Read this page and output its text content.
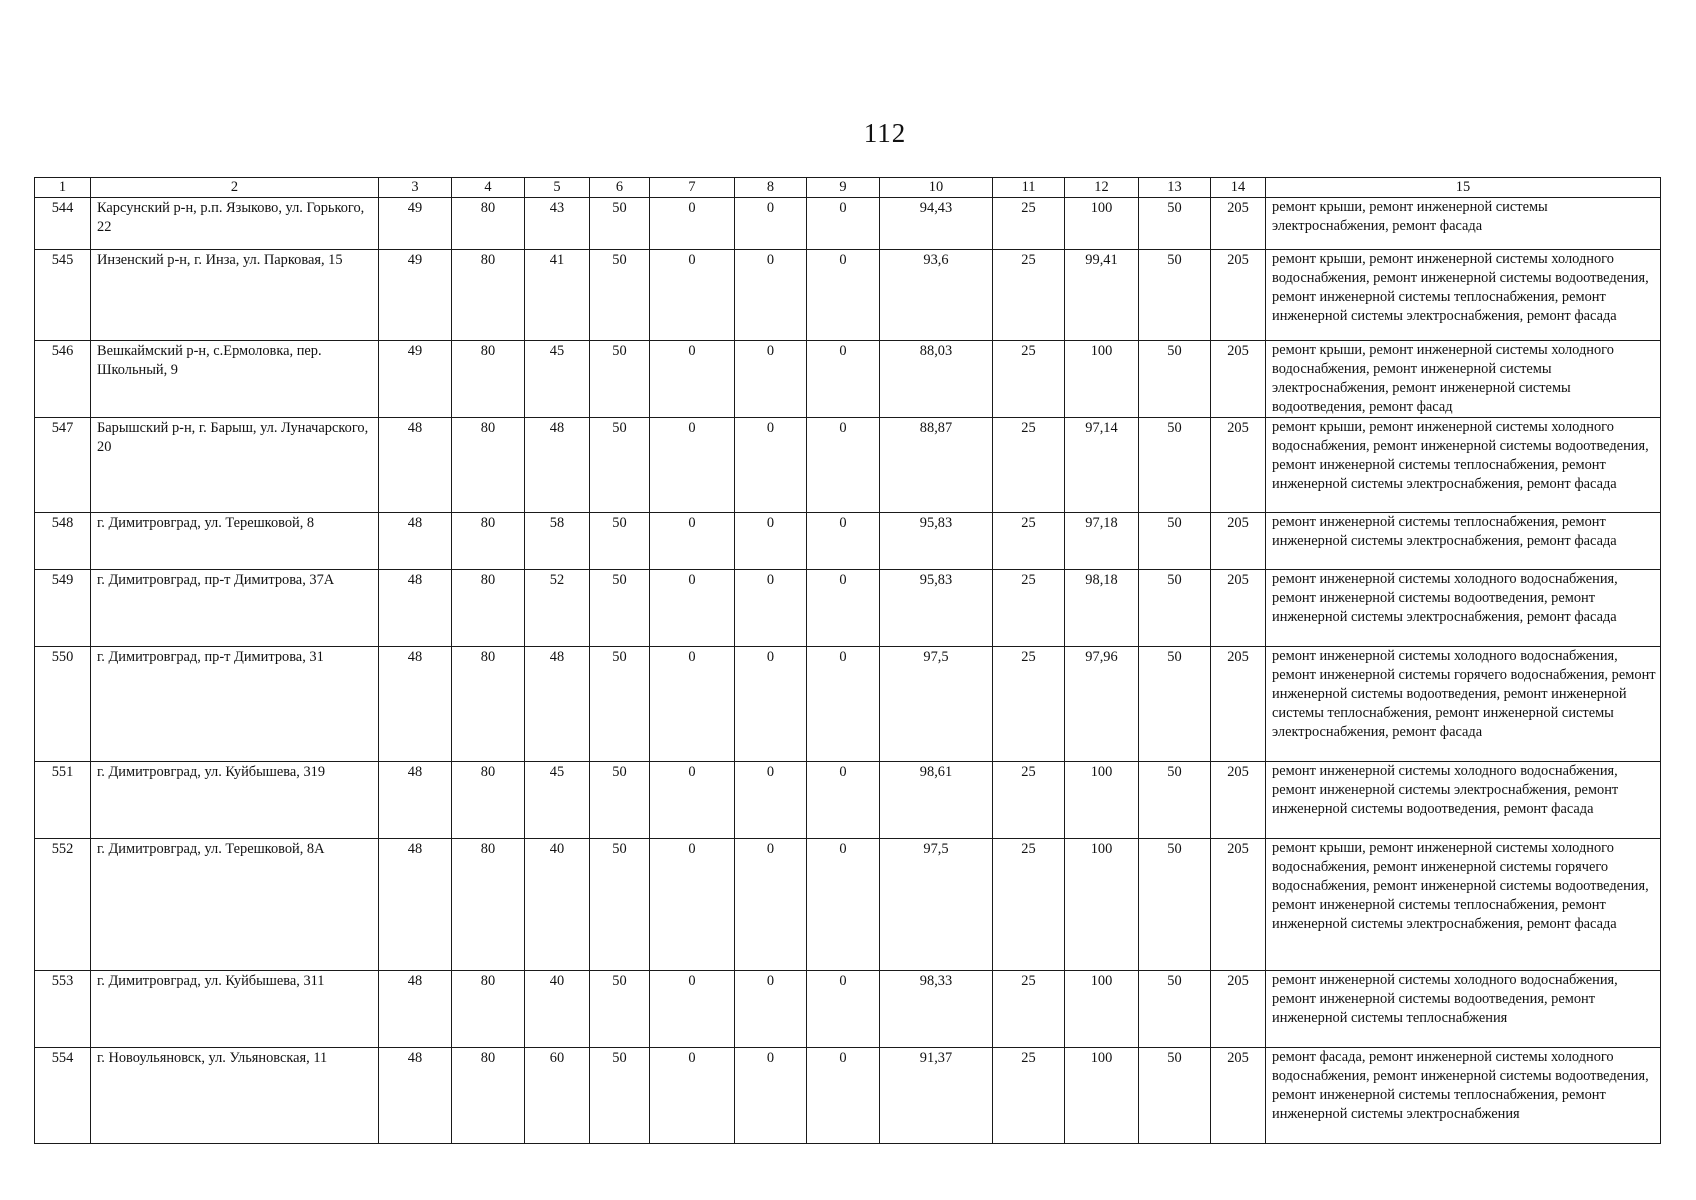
112
1	2	3	4	5	6	7	8	9	10	11	12	13	14	15
544	Карсунский р-н, р.п. Языково, ул. Горького, 22	49	80	43	50	0	0	0	94,43	25	100	50	205	ремонт крыши, ремонт инженерной системы электроснабжения, ремонт фасада
545	Инзенский р-н, г. Инза, ул. Парковая, 15	49	80	41	50	0	0	0	93,6	25	99,41	50	205	ремонт крыши, ремонт инженерной системы холодного водоснабжения, ремонт инженерной системы водоотведения, ремонт инженерной системы теплоснабжения, ремонт инженерной системы электроснабжения, ремонт фасада
546	Вешкаймский р-н, с.Ермоловка, пер. Школьный, 9	49	80	45	50	0	0	0	88,03	25	100	50	205	ремонт крыши, ремонт инженерной системы холодного водоснабжения, ремонт инженерной системы электроснабжения, ремонт инженерной системы водоотведения, ремонт фасад
547	Барышский р-н, г. Барыш, ул. Луначарского, 20	48	80	48	50	0	0	0	88,87	25	97,14	50	205	ремонт крыши, ремонт инженерной системы холодного водоснабжения, ремонт инженерной системы водоотведения, ремонт инженерной системы теплоснабжения, ремонт инженерной системы электроснабжения, ремонт фасада
548	г. Димитровград, ул. Терешковой, 8	48	80	58	50	0	0	0	95,83	25	97,18	50	205	ремонт инженерной системы теплоснабжения, ремонт инженерной системы электроснабжения, ремонт фасада
549	г. Димитровград, пр-т Димитрова, 37А	48	80	52	50	0	0	0	95,83	25	98,18	50	205	ремонт инженерной системы холодного водоснабжения, ремонт инженерной системы водоотведения, ремонт инженерной системы электроснабжения, ремонт фасада
550	г. Димитровград, пр-т Димитрова, 31	48	80	48	50	0	0	0	97,5	25	97,96	50	205	ремонт инженерной системы холодного водоснабжения, ремонт инженерной системы горячего водоснабжения, ремонт инженерной системы водоотведения, ремонт инженерной системы теплоснабжения, ремонт инженерной системы электроснабжения, ремонт фасада
551	г. Димитровград, ул. Куйбышева, 319	48	80	45	50	0	0	0	98,61	25	100	50	205	ремонт инженерной системы холодного водоснабжения, ремонт инженерной системы электроснабжения, ремонт инженерной системы водоотведения, ремонт фасада
552	г. Димитровград, ул. Терешковой, 8А	48	80	40	50	0	0	0	97,5	25	100	50	205	ремонт крыши, ремонт инженерной системы холодного водоснабжения, ремонт инженерной системы горячего водоснабжения, ремонт инженерной системы водоотведения, ремонт инженерной системы теплоснабжения, ремонт инженерной системы электроснабжения, ремонт фасада
553	г. Димитровград, ул. Куйбышева, 311	48	80	40	50	0	0	0	98,33	25	100	50	205	ремонт инженерной системы холодного водоснабжения, ремонт инженерной системы водоотведения, ремонт инженерной системы теплоснабжения
554	г. Новоульяновск, ул. Ульяновская, 11	48	80	60	50	0	0	0	91,37	25	100	50	205	ремонт фасада, ремонт инженерной системы холодного водоснабжения, ремонт инженерной системы водоотведения, ремонт инженерной системы теплоснабжения, ремонт инженерной системы электроснабжения
